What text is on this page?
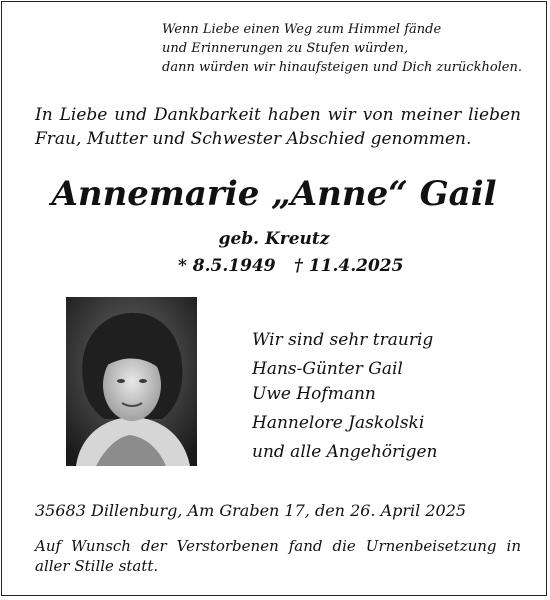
Wenn Liebe einen Weg zum Himmel fände
und Erinnerungen zu Stufen würden,
dann würden wir hinaufsteigen und Dich zurückholen.
In Liebe und Dankbarkeit haben wir von meiner lieben Frau, Mutter und Schwester Abschied genommen.
Annemarie „Anne“ Gail
geb. Kreutz
* 8.5.1949 † 11.4.2025
Wir sind sehr traurig
Hans-Günter Gail
Uwe Hofmann
Hannelore Jaskolski
und alle Angehörigen
35683 Dillenburg, Am Graben 17, den 26. April 2025
Auf Wunsch der Verstorbenen fand die Urnenbeisetzung in aller Stille statt.
